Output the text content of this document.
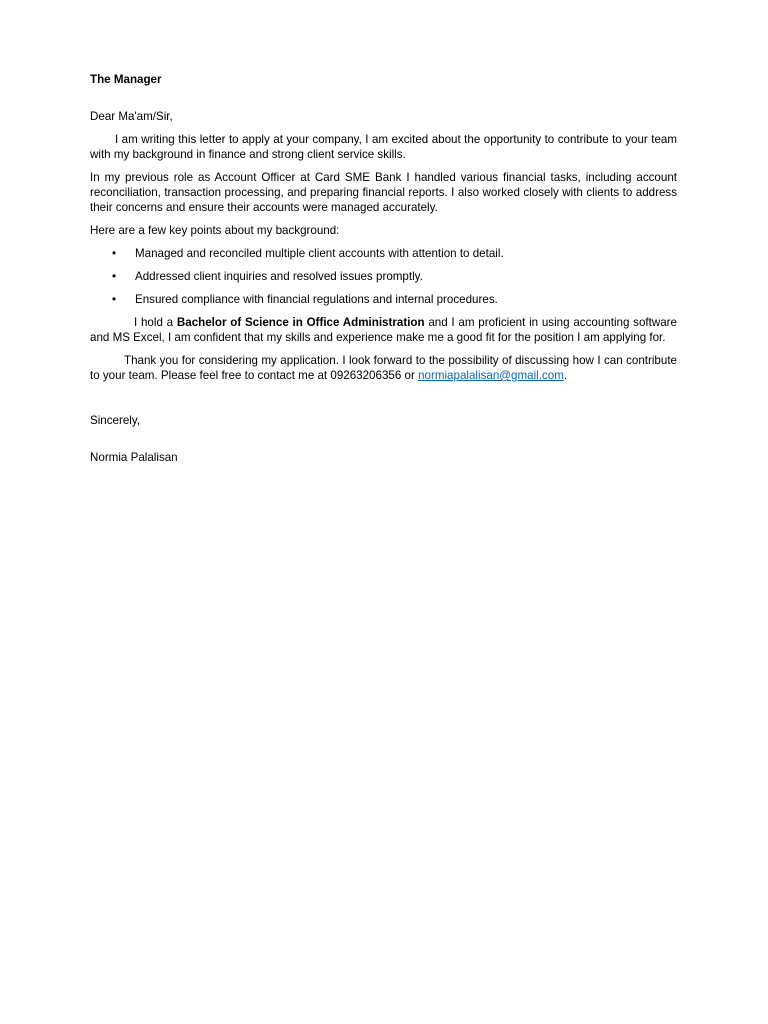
The Manager

Dear Ma'am/Sir,

I am writing this letter to apply at your company, I am excited about the opportunity to contribute to your team with my background in finance and strong client service skills.

In my previous role as Account Officer at Card SME Bank I handled various financial tasks, including account reconciliation, transaction processing, and preparing financial reports. I also worked closely with clients to address their concerns and ensure their accounts were managed accurately.

Here are a few key points about my background:

• Managed and reconciled multiple client accounts with attention to detail.
• Addressed client inquiries and resolved issues promptly.
• Ensured compliance with financial regulations and internal procedures.

I hold a Bachelor of Science in Office Administration and I am proficient in using accounting software and MS Excel, I am confident that my skills and experience make me a good fit for the position I am applying for.

Thank you for considering my application. I look forward to the possibility of discussing how I can contribute to your team. Please feel free to contact me at 09263206356 or normiapalalisan@gmail.com.

Sincerely,

Normia Palalisan
